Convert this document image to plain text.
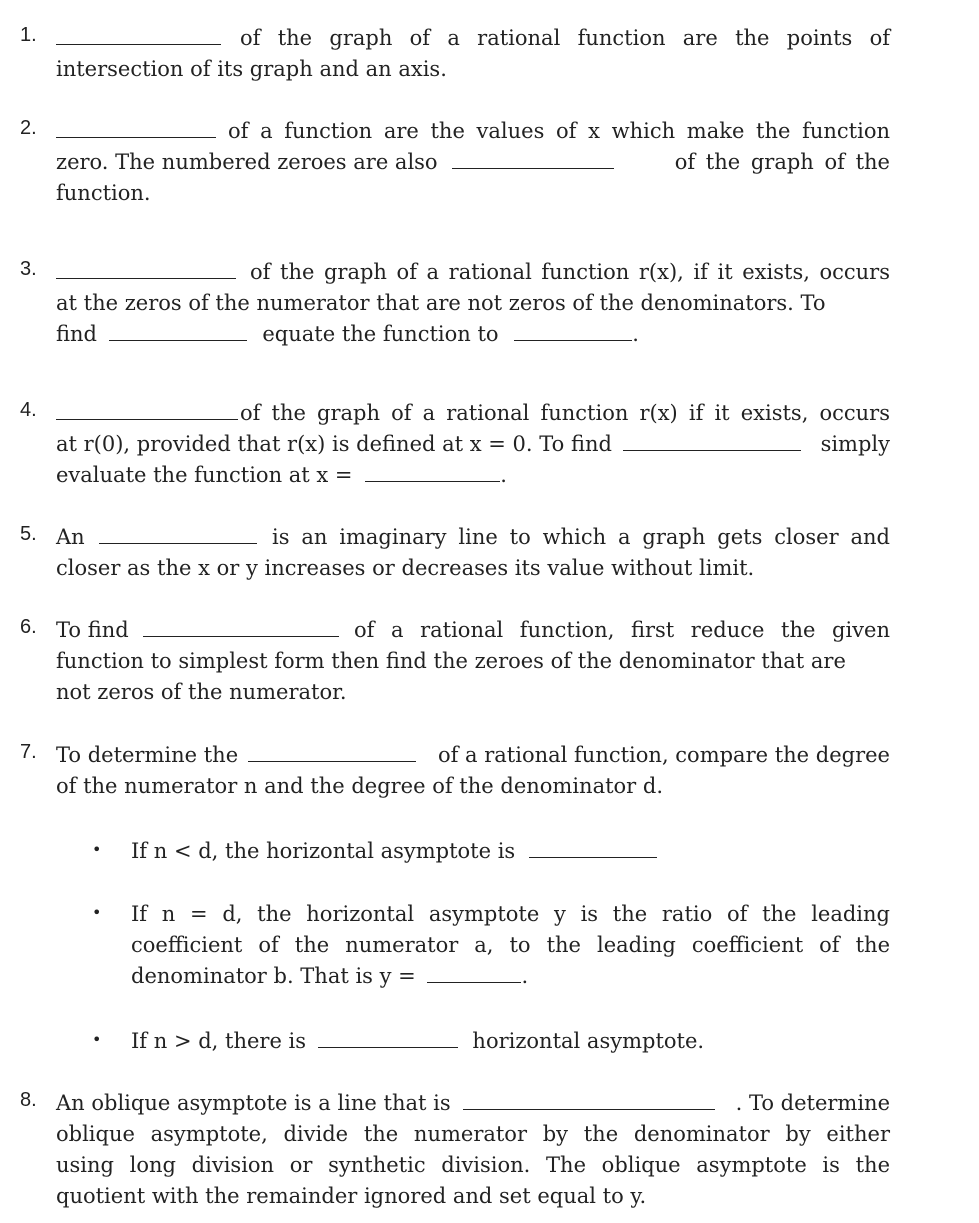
1.	of the graph of a rational function are the points of
intersection of its graph and an axis.
2.	of a function are the values of x which make the function
zero. The numbered zeroes are also	of the graph of the
function.
3.	of the graph of a rational function r(x), if it exists, occurs
at the zeros of the numerator that are not zeros of the denominators. To
find	equate the function to	.
4.	of the graph of a rational function r(x) if it exists, occurs
at r(0), provided that r(x) is defined at x = 0. To find	simply
evaluate the function at x =	.
5. An	is an imaginary line to which a graph gets closer and
closer as the x or y increases or decreases its value without limit.
6. To find	of a rational function, first reduce the given
function to simplest form then find the zeroes of the denominator that are
not zeros of the numerator.
7. To determine the	of a rational function, compare the degree
of the numerator n and the degree of the denominator d.
• If n < d, the horizontal asymptote is
• If n = d, the horizontal asymptote y is the ratio of the leading
coefficient of the numerator a, to the leading coefficient of the
denominator b. That is y =	.
• If n > d, there is	horizontal asymptote.
8. An oblique asymptote is a line that is	. To determine
oblique asymptote, divide the numerator by the denominator by either
using long division or synthetic division. The oblique asymptote is the
quotient with the remainder ignored and set equal to y.
